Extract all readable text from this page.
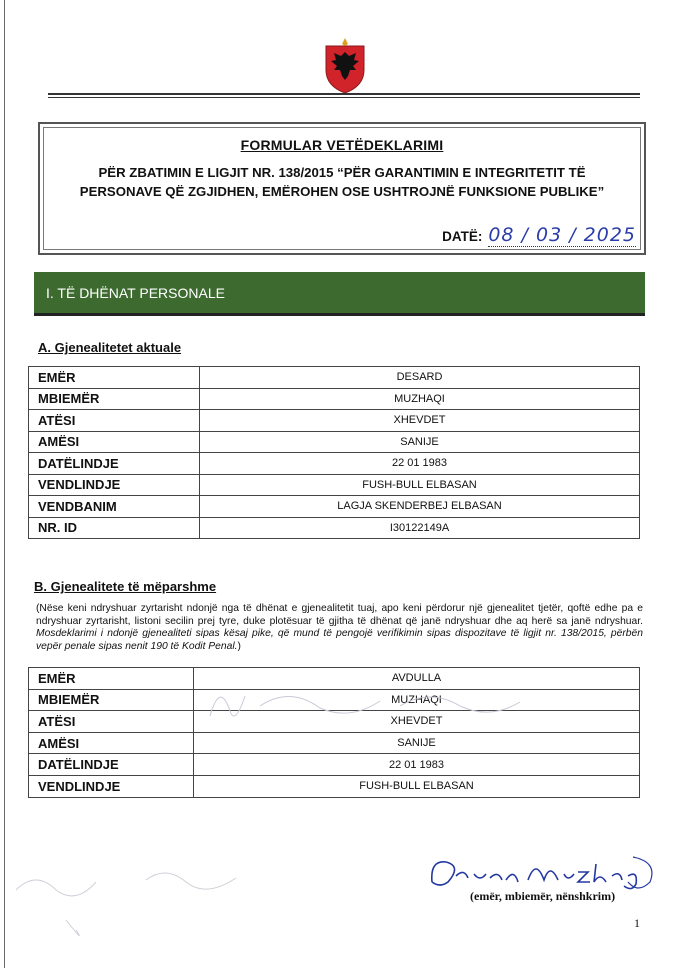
FORMULAR VETËDEKLARIMI
PËR ZBATIMIN E LIGJIT NR. 138/2015 “PËR GARANTIMIN E INTEGRITETIT TË PERSONAVE QË ZGJIDHEN, EMËROHEN OSE USHTROJNË FUNKSIONE PUBLIKE”
DATË: 08 / 03 / 2025
I. TË DHËNAT PERSONALE
A. Gjenealitetet aktuale
EMËR	DESARD
MBIEMËR	MUZHAQI
ATËSI	XHEVDET
AMËSI	SANIJE
DATËLINDJE	22 01 1983
VENDLINDJE	FUSH-BULL ELBASAN
VENDBANIM	LAGJA SKENDERBEJ ELBASAN
NR. ID	I30122149A
B. Gjenealitete të mëparshme
(Nëse keni ndryshuar zyrtarisht ndonjë nga të dhënat e gjenealitetit tuaj, apo keni përdorur një gjenealitet tjetër, qoftë edhe pa e ndryshuar zyrtarisht, listoni secilin prej tyre, duke plotësuar të gjitha të dhënat që janë ndryshuar dhe aq herë sa janë ndryshuar. Mosdeklarimi i ndonjë gjenealiteti sipas kësaj pike, që mund të pengojë verifikimin sipas dispozitave të ligjit nr. 138/2015, përbën vepër penale sipas nenit 190 të Kodit Penal.)
EMËR	AVDULLA
MBIEMËR	MUZHAQI
ATËSI	XHEVDET
AMËSI	SANIJE
DATËLINDJE	22 01 1983
VENDLINDJE	FUSH-BULL ELBASAN
(emër, mbiemër, nënshkrim)
1
